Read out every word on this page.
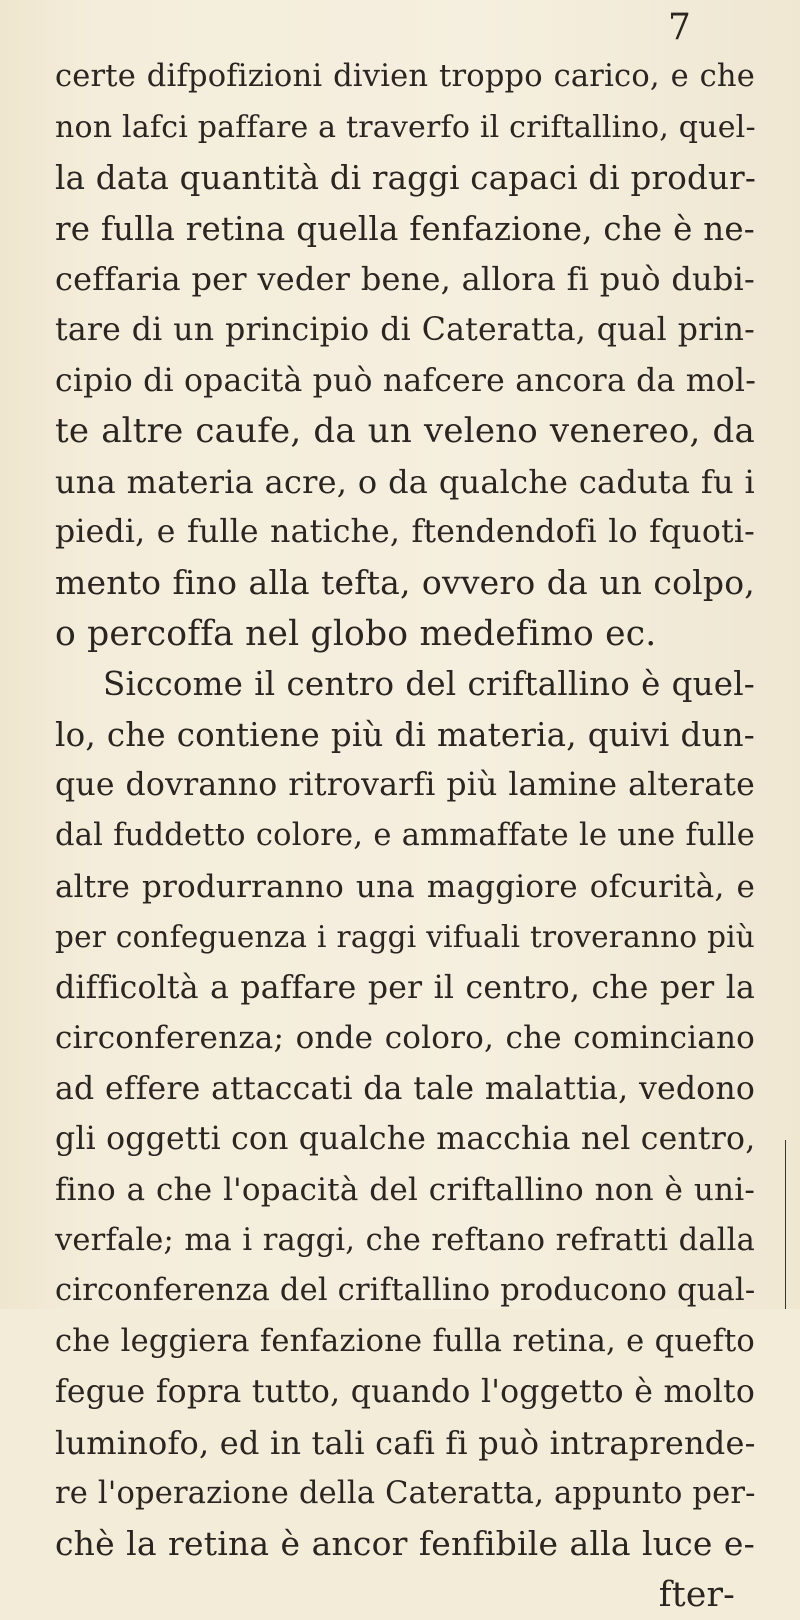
7
certe difpofizioni divien troppo carico, e che
non lafci paffare a traverfo il criftallino, quel-
la data quantità di raggi capaci di produr-
re fulla retina quella fenfazione, che è ne-
ceffaria per veder bene, allora fi può dubi-
tare di un principio di Cateratta, qual prin-
cipio di opacità può nafcere ancora da mol-
te altre caufe, da un veleno venereo, da
una materia acre, o da qualche caduta fu i
piedi, e fulle natiche, ftendendofi lo fquoti-
mento fino alla tefta, ovvero da un colpo,
o percoffa nel globo medefimo ec.
Siccome il centro del criftallino è quel-
lo, che contiene più di materia, quivi dun-
que dovranno ritrovarfi più lamine alterate
dal fuddetto colore, e ammaffate le une fulle
altre produrranno una maggiore ofcurità, e
per confeguenza i raggi vifuali troveranno più
difficoltà a paffare per il centro, che per la
circonferenza; onde coloro, che cominciano
ad effere attaccati da tale malattia, vedono
gli oggetti con qualche macchia nel centro,
fino a che l'opacità del criftallino non è uni-
verfale; ma i raggi, che reftano refratti dalla
circonferenza del criftallino producono qual-
che leggiera fenfazione fulla retina, e quefto
fegue fopra tutto, quando l'oggetto è molto
luminofo, ed in tali cafi fi può intraprende-
re l'operazione della Cateratta, appunto per-
chè la retina è ancor fenfibile alla luce e-
fter-
